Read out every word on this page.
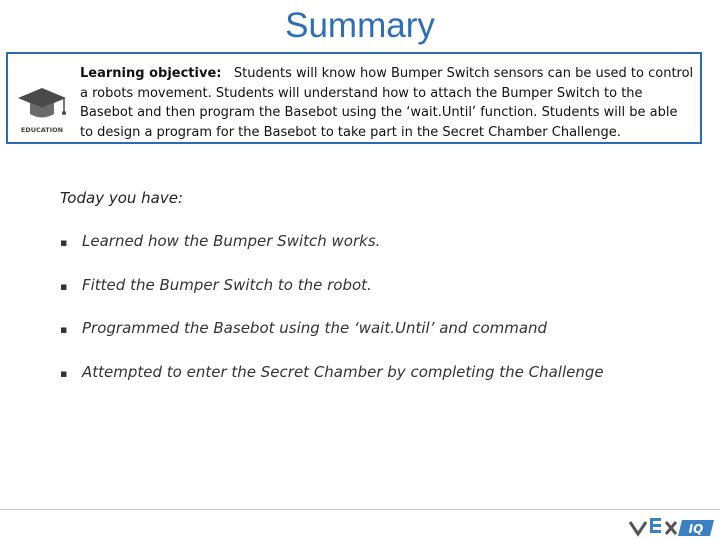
Summary
EDUCATION
Learning objective: Students will know how Bumper Switch sensors can be used to control a robots movement. Students will understand how to attach the Bumper Switch to the Basebot and then program the Basebot using the ‘wait.Until’ function. Students will be able to design a program for the Basebot to take part in the Secret Chamber Challenge.
Today you have:
▪ Learned how the Bumper Switch works.
▪ Fitted the Bumper Switch to the robot.
▪ Programmed the Basebot using the ‘wait.Until’ and command
▪ Attempted to enter the Secret Chamber by completing the Challenge
IQ
